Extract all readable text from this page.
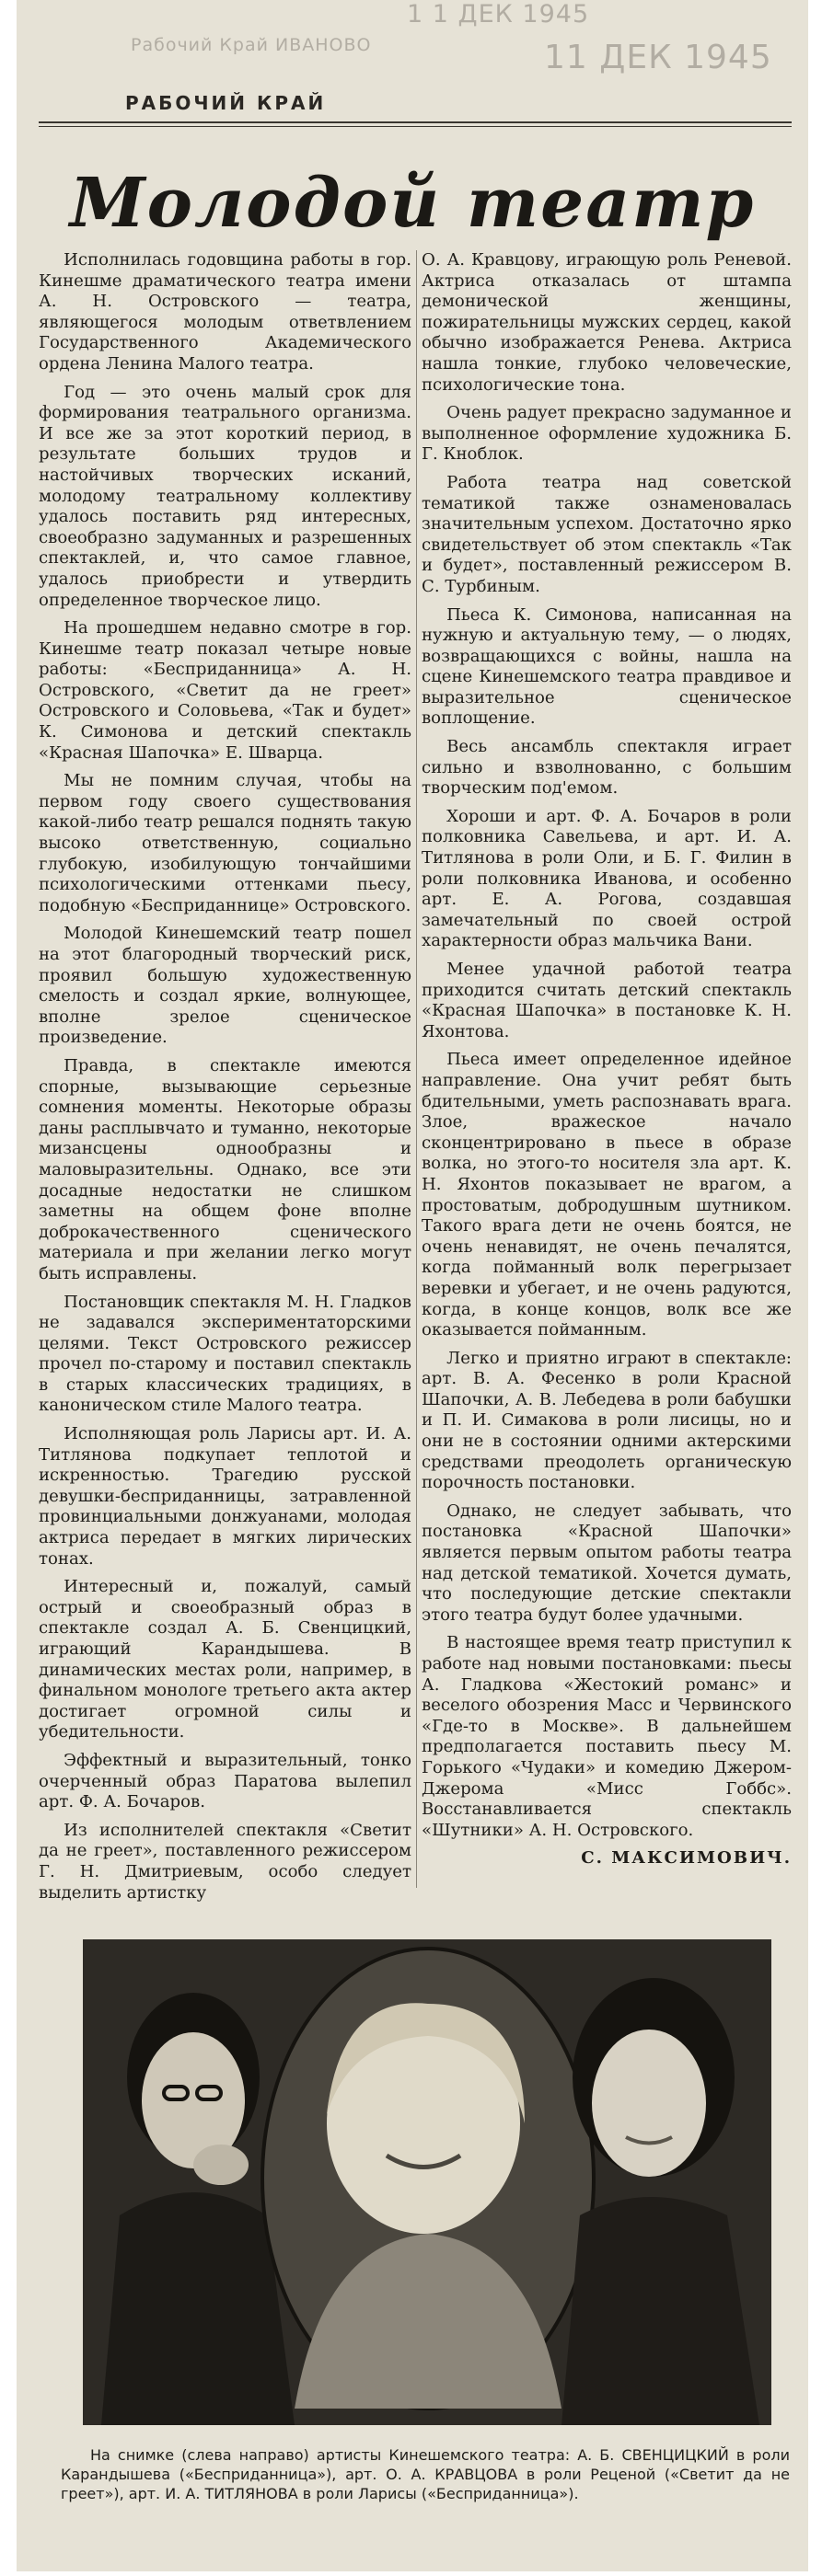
1 1 ДЕК 1945
Рабочий Край ИВАНОВО	11 ДЕК 1945
РАБОЧИЙ КРАЙ
Молодой театр

Исполнилась годовщина работы в гор. Кинешме драматического театра имени А. Н. Островского — театра, являющегося молодым ответвлением Государственного Академического ордена Ленина Малого театра.

Год — это очень малый срок для формирования театрального организма. И все же за этот короткий период, в результате больших трудов и настойчивых творческих исканий, молодому театральному коллективу удалось поставить ряд интересных, своеобразно задуманных и разрешенных спектаклей, и, что самое главное, удалось приобрести и утвердить определенное творческое лицо.

На прошедшем недавно смотре в гор. Кинешме театр показал четыре новые работы: «Бесприданница» А. Н. Островского, «Светит да не греет» Островского и Соловьева, «Так и будет» К. Симонова и детский спектакль «Красная Шапочка» Е. Шварца.

Мы не помним случая, чтобы на первом году своего существования какой-либо театр решался поднять такую высоко ответственную, социально глубокую, изобилующую тончайшими психологическими оттенками пьесу, подобную «Бесприданнице» Островского.

Молодой Кинешемский театр пошел на этот благородный творческий риск, проявил большую художественную смелость и создал яркие, волнующее, вполне зрелое сценическое произведение.

Правда, в спектакле имеются спорные, вызывающие серьезные сомнения моменты. Некоторые образы даны расплывчато и туманно, некоторые мизансцены однообразны и маловыразительны. Однако, все эти досадные недостатки не слишком заметны на общем фоне вполне доброкачественного сценического материала и при желании легко могут быть исправлены.

Постановщик спектакля М. Н. Гладков не задавался экспериментаторскими целями. Текст Островского режиссер прочел по-старому и поставил спектакль в старых классических традициях, в каноническом стиле Малого театра.

Исполняющая роль Ларисы арт. И. А. Титлянова подкупает теплотой и искренностью. Трагедию русской девушки-бесприданницы, затравленной провинциальными донжуанами, молодая актриса передает в мягких лирических тонах.

Интересный и, пожалуй, самый острый и своеобразный образ в спектакле создал А. Б. Свенцицкий, играющий Карандышева. В динамических местах роли, например, в финальном монологе третьего акта актер достигает огромной силы и убедительности.

Эффектный и выразительный, тонко очерченный образ Паратова вылепил арт. Ф. А. Бочаров.

Из исполнителей спектакля «Светит да не греет», поставленного режиссером Г. Н. Дмитриевым, особо следует выделить артистку

О. А. Кравцову, играющую роль Реневой. Актриса отказалась от штампа демонической женщины, пожирательницы мужских сердец, какой обычно изображается Ренева. Актриса нашла тонкие, глубоко человеческие, психологические тона.

Очень радует прекрасно задуманное и выполненное оформление художника Б. Г. Кноблок.

Работа театра над советской тематикой также ознаменовалась значительным успехом. Достаточно ярко свидетельствует об этом спектакль «Так и будет», поставленный режиссером В. С. Турбиным.

Пьеса К. Симонова, написанная на нужную и актуальную тему, — о людях, возвращающихся с войны, нашла на сцене Кинешемского театра правдивое и выразительное сценическое воплощение.

Весь ансамбль спектакля играет сильно и взволнованно, с большим творческим под'емом.

Хороши и арт. Ф. А. Бочаров в роли полковника Савельева, и арт. И. А. Титлянова в роли Оли, и Б. Г. Филин в роли полковника Иванова, и особенно арт. Е. А. Рогова, создавшая замечательный по своей острой характерности образ мальчика Вани.

Менее удачной работой театра приходится считать детский спектакль «Красная Шапочка» в постановке К. Н. Яхонтова.

Пьеса имеет определенное идейное направление. Она учит ребят быть бдительными, уметь распознавать врага. Злое, вражеское начало сконцентрировано в пьесе в образе волка, но этого-то носителя зла арт. К. Н. Яхонтов показывает не врагом, а простоватым, добродушным шутником. Такого врага дети не очень боятся, не очень ненавидят, не очень печалятся, когда пойманный волк перегрызает веревки и убегает, и не очень радуются, когда, в конце концов, волк все же оказывается пойманным.

Легко и приятно играют в спектакле: арт. В. А. Фесенко в роли Красной Шапочки, А. В. Лебедева в роли бабушки и П. И. Симакова в роли лисицы, но и они не в состоянии одними актерскими средствами преодолеть органическую порочность постановки.

Однако, не следует забывать, что постановка «Красной Шапочки» является первым опытом работы театра над детской тематикой. Хочется думать, что последующие детские спектакли этого театра будут более удачными.

В настоящее время театр приступил к работе над новыми постановками: пьесы А. Гладкова «Жестокий романс» и веселого обозрения Масс и Червинского «Где-то в Москве». В дальнейшем предполагается поставить пьесу М. Горького «Чудаки» и комедию Джером-Джерома «Мисс Гоббс». Восстанавливается спектакль «Шутники» А. Н. Островского.

С. МАКСИМОВИЧ.
На снимке (слева направо) артисты Кинешемского театра: А. Б. СВЕНЦИЦКИЙ в роли Карандышева («Бесприданница»), арт. О. А. КРАВЦОВА в роли Реценой («Светит да не греет»), арт. И. А. ТИТЛЯНОВА в роли Ларисы («Бесприданница»).
